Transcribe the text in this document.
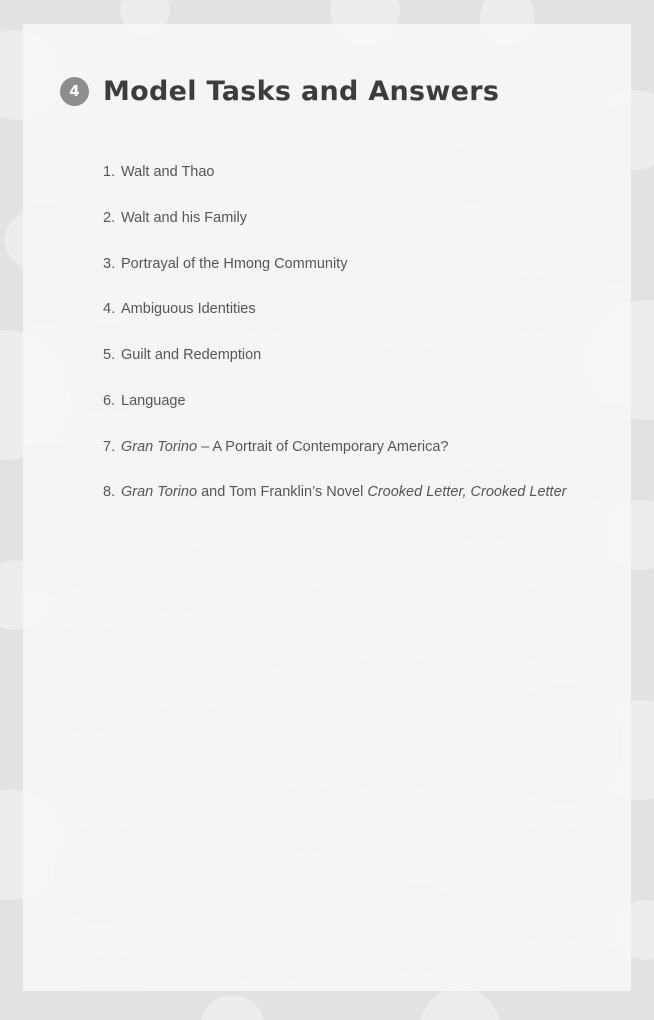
4 Model Tasks and Answers
1. Walt and Thao
2. Walt and his Family
3. Portrayal of the Hmong Community
4. Ambiguous Identities
5. Guilt and Redemption
6. Language
7. Gran Torino – A Portrait of Contemporary America?
8. Gran Torino and Tom Franklin’s Novel Crooked Letter, Crooked Letter
